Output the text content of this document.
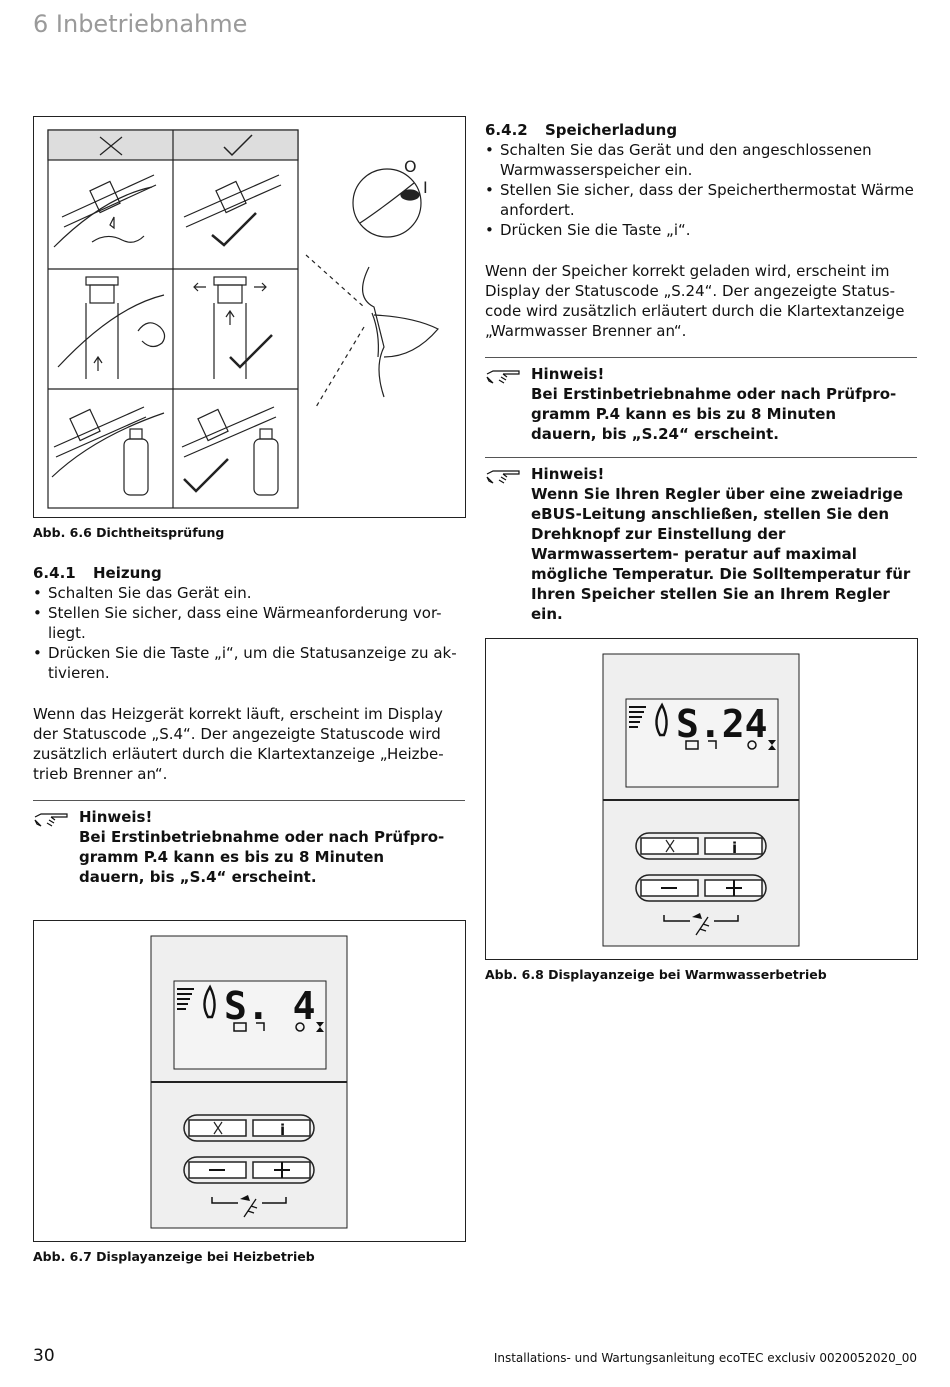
6 Inbetriebnahme
O
I
Abb. 6.6 Dichtheitsprüfung
6.4.1 Heizung
• Schalten Sie das Gerät ein.
• Stellen Sie sicher, dass eine Wärmeanforderung vor- liegt.
• Drücken Sie die Taste „i“, um die Statusanzeige zu ak- tivieren.

Wenn das Heizgerät korrekt läuft, erscheint im Display der Statuscode „S.4“. Der angezeigte Statuscode wird zusätzlich erläutert durch die Klartextanzeige „Heizbe- trieb Brenner an“.

Hinweis!
Bei Erstinbetriebnahme oder nach Prüfpro- gramm P.4 kann es bis zu 8 Minuten dauern, bis „S.4“ erscheint.
S. 4
i
Abb. 6.7 Displayanzeige bei Heizbetrieb
6.4.2 Speicherladung
• Schalten Sie das Gerät und den angeschlossenen Warmwasserspeicher ein.
• Stellen Sie sicher, dass der Speicherthermostat Wärme anfordert.
• Drücken Sie die Taste „i“.

Wenn der Speicher korrekt geladen wird, erscheint im Display der Statuscode „S.24“. Der angezeigte Status- code wird zusätzlich erläutert durch die Klartextanzeige „Warmwasser Brenner an“.

Hinweis!
Bei Erstinbetriebnahme oder nach Prüfpro- gramm P.4 kann es bis zu 8 Minuten dauern, bis „S.24“ erscheint.
Hinweis!
Wenn Sie Ihren Regler über eine zweiadrige eBUS-Leitung anschließen, stellen Sie den Drehknopf zur Einstellung der Warmwassertem- peratur auf maximal mögliche Temperatur. Die Solltemperatur für Ihren Speicher stellen Sie an Ihrem Regler ein.
S.24
i
Abb. 6.8 Displayanzeige bei Warmwasserbetrieb
30	Installations- und Wartungsanleitung ecoTEC exclusiv 0020052020_00
